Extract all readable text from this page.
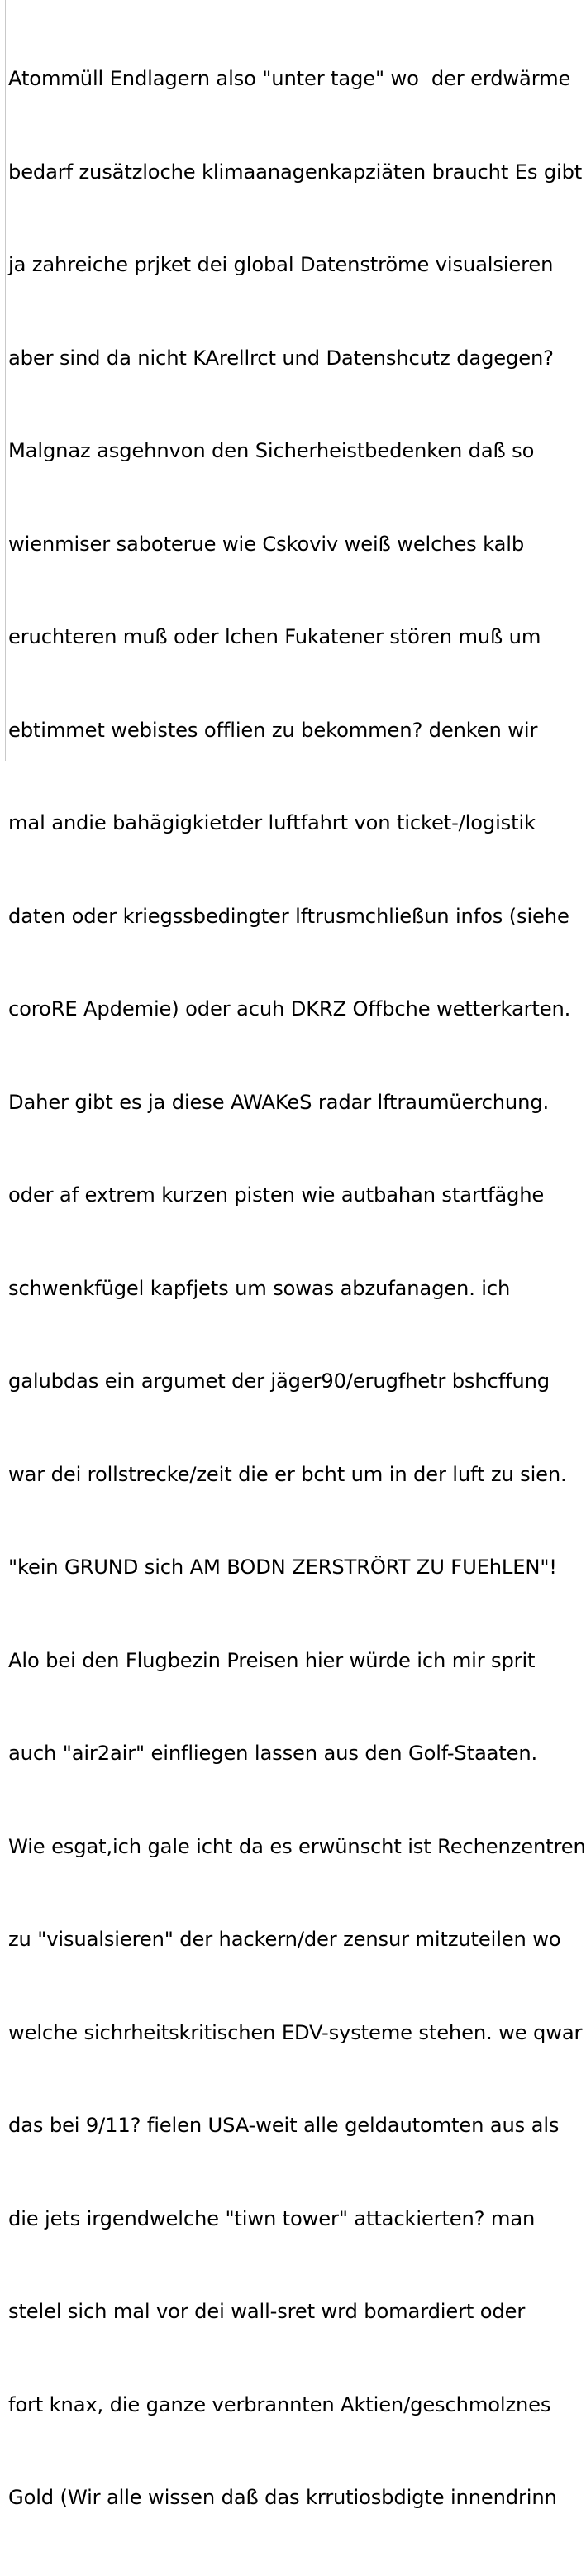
Atommüll Endlagern also "unter tage" wo  der erdwärme

bedarf zusätzloche klimaanagenkapziäten braucht Es gibt

ja zahreiche prjket dei global Datenströme visualsieren

aber sind da nicht KArellrct und Datenshcutz dagegen?

Malgnaz asgehnvon den Sicherheistbedenken daß so

wienmiser saboterue wie Cskoviv weiß welches kalb

eruchteren muß oder lchen Fukatener stören muß um

ebtimmet webistes offlien zu bekommen? denken wir

mal andie bahägigkietder luftfahrt von ticket-/logistik

daten oder kriegssbedingter lftrusmchließun infos (siehe

coroRE Apdemie) oder acuh DKRZ Offbche wetterkarten.

Daher gibt es ja diese AWAKeS radar lftraumüerchung.

oder af extrem kurzen pisten wie autbahan startfäghe

schwenkfügel kapfjets um sowas abzufanagen. ich

galubdas ein argumet der jäger90/erugfhetr bshcffung

war dei rollstrecke/zeit die er bcht um in der luft zu sien.

"kein GRUND sich AM BODN ZERSTRÖRT ZU FUEhLEN"!

Alo bei den Flugbezin Preisen hier würde ich mir sprit

auch "air2air" einfliegen lassen aus den Golf-Staaten.

Wie esgat,ich gale icht da es erwünscht ist Rechenzentren

zu "visualsieren" der hackern/der zensur mitzuteilen wo

welche sichrheitskritischen EDV-systeme stehen. we qwar

das bei 9/11? fielen USA-weit alle geldautomten aus als

die jets irgendwelche "tiwn tower" attackierten? man

stelel sich mal vor dei wall-sret wrd bomardiert oder

fort knax, die ganze verbrannten Aktien/geschmolznes

Gold (Wir alle wissen daß das krrutiosbdigte innendrinn
